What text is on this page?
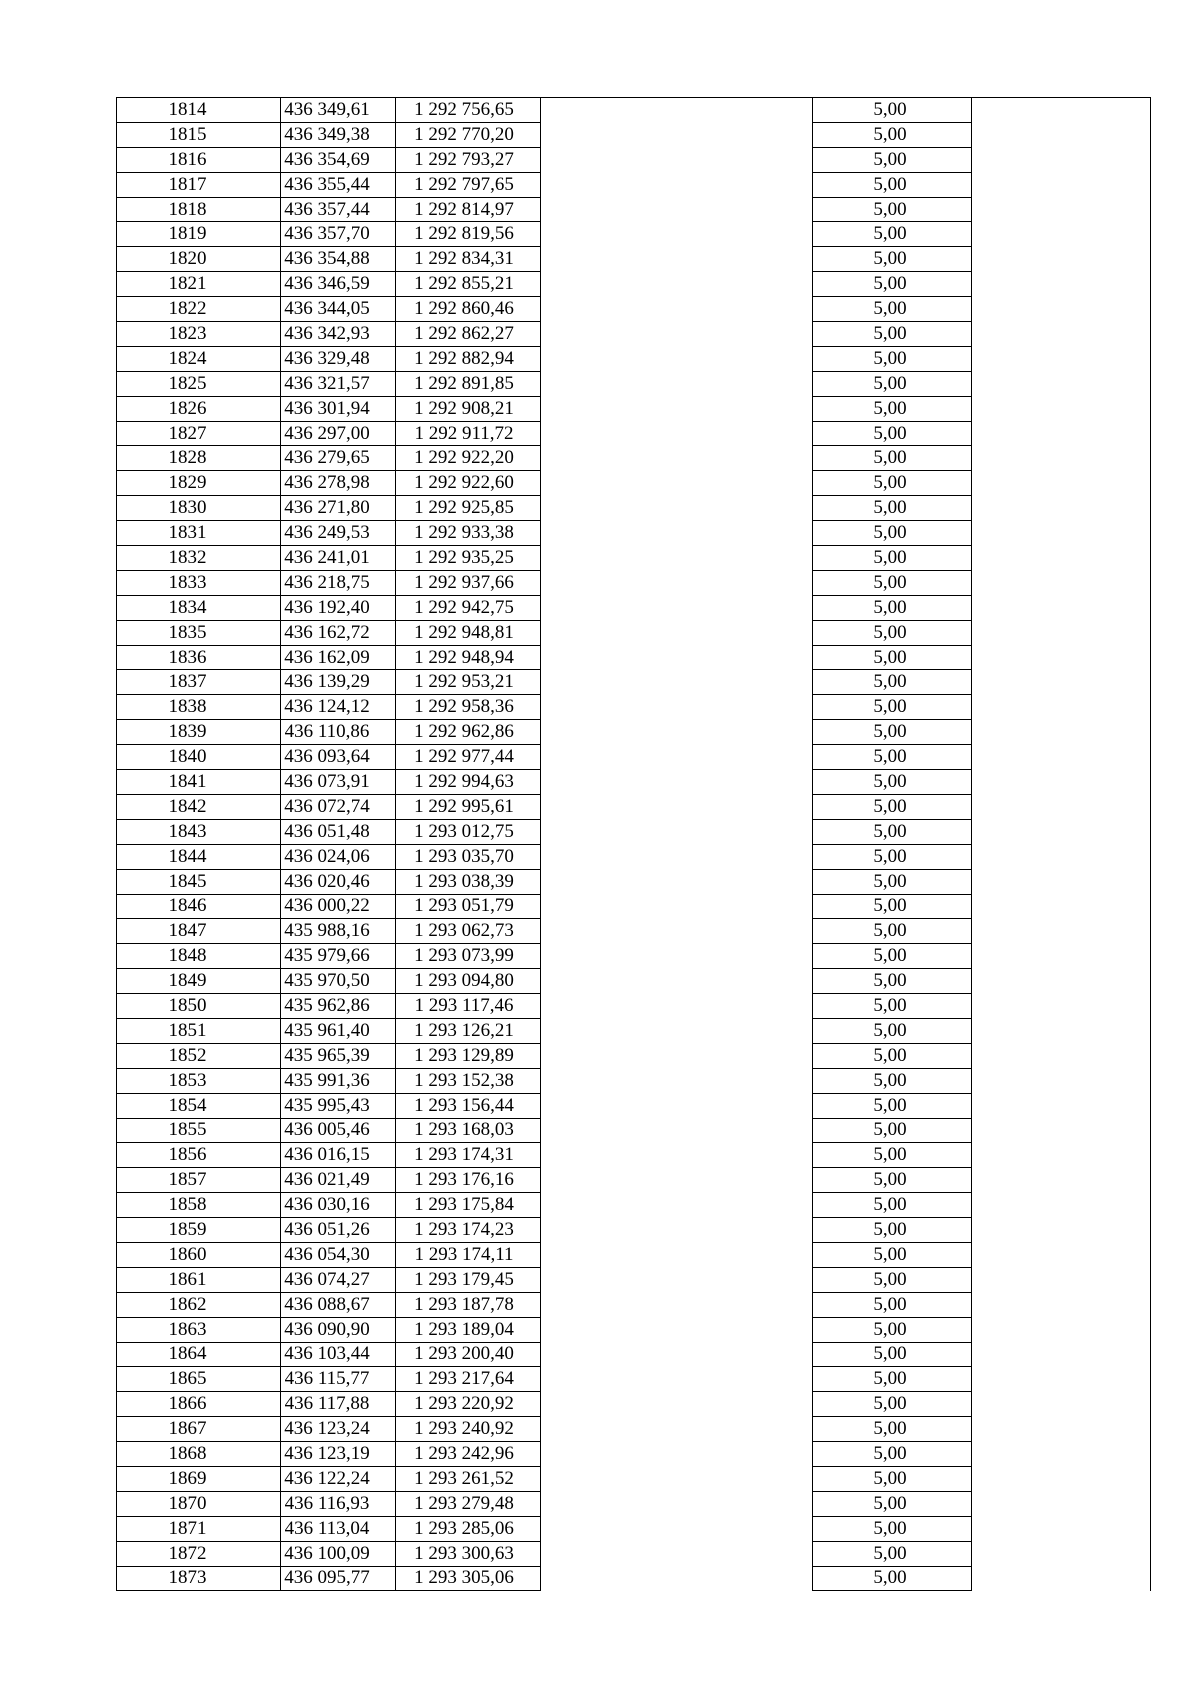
1814	436 349,61	1 292 756,65		5,00	
1815	436 349,38	1 292 770,20		5,00	
1816	436 354,69	1 292 793,27		5,00	
1817	436 355,44	1 292 797,65		5,00	
1818	436 357,44	1 292 814,97		5,00	
1819	436 357,70	1 292 819,56		5,00	
1820	436 354,88	1 292 834,31		5,00	
1821	436 346,59	1 292 855,21		5,00	
1822	436 344,05	1 292 860,46		5,00	
1823	436 342,93	1 292 862,27		5,00	
1824	436 329,48	1 292 882,94		5,00	
1825	436 321,57	1 292 891,85		5,00	
1826	436 301,94	1 292 908,21		5,00	
1827	436 297,00	1 292 911,72		5,00	
1828	436 279,65	1 292 922,20		5,00	
1829	436 278,98	1 292 922,60		5,00	
1830	436 271,80	1 292 925,85		5,00	
1831	436 249,53	1 292 933,38		5,00	
1832	436 241,01	1 292 935,25		5,00	
1833	436 218,75	1 292 937,66		5,00	
1834	436 192,40	1 292 942,75		5,00	
1835	436 162,72	1 292 948,81		5,00	
1836	436 162,09	1 292 948,94		5,00	
1837	436 139,29	1 292 953,21		5,00	
1838	436 124,12	1 292 958,36		5,00	
1839	436 110,86	1 292 962,86		5,00	
1840	436 093,64	1 292 977,44		5,00	
1841	436 073,91	1 292 994,63		5,00	
1842	436 072,74	1 292 995,61		5,00	
1843	436 051,48	1 293 012,75		5,00	
1844	436 024,06	1 293 035,70		5,00	
1845	436 020,46	1 293 038,39		5,00	
1846	436 000,22	1 293 051,79		5,00	
1847	435 988,16	1 293 062,73		5,00	
1848	435 979,66	1 293 073,99		5,00	
1849	435 970,50	1 293 094,80		5,00	
1850	435 962,86	1 293 117,46		5,00	
1851	435 961,40	1 293 126,21		5,00	
1852	435 965,39	1 293 129,89		5,00	
1853	435 991,36	1 293 152,38		5,00	
1854	435 995,43	1 293 156,44		5,00	
1855	436 005,46	1 293 168,03		5,00	
1856	436 016,15	1 293 174,31		5,00	
1857	436 021,49	1 293 176,16		5,00	
1858	436 030,16	1 293 175,84		5,00	
1859	436 051,26	1 293 174,23		5,00	
1860	436 054,30	1 293 174,11		5,00	
1861	436 074,27	1 293 179,45		5,00	
1862	436 088,67	1 293 187,78		5,00	
1863	436 090,90	1 293 189,04		5,00	
1864	436 103,44	1 293 200,40		5,00	
1865	436 115,77	1 293 217,64		5,00	
1866	436 117,88	1 293 220,92		5,00	
1867	436 123,24	1 293 240,92		5,00	
1868	436 123,19	1 293 242,96		5,00	
1869	436 122,24	1 293 261,52		5,00	
1870	436 116,93	1 293 279,48		5,00	
1871	436 113,04	1 293 285,06		5,00	
1872	436 100,09	1 293 300,63		5,00	
1873	436 095,77	1 293 305,06		5,00	
